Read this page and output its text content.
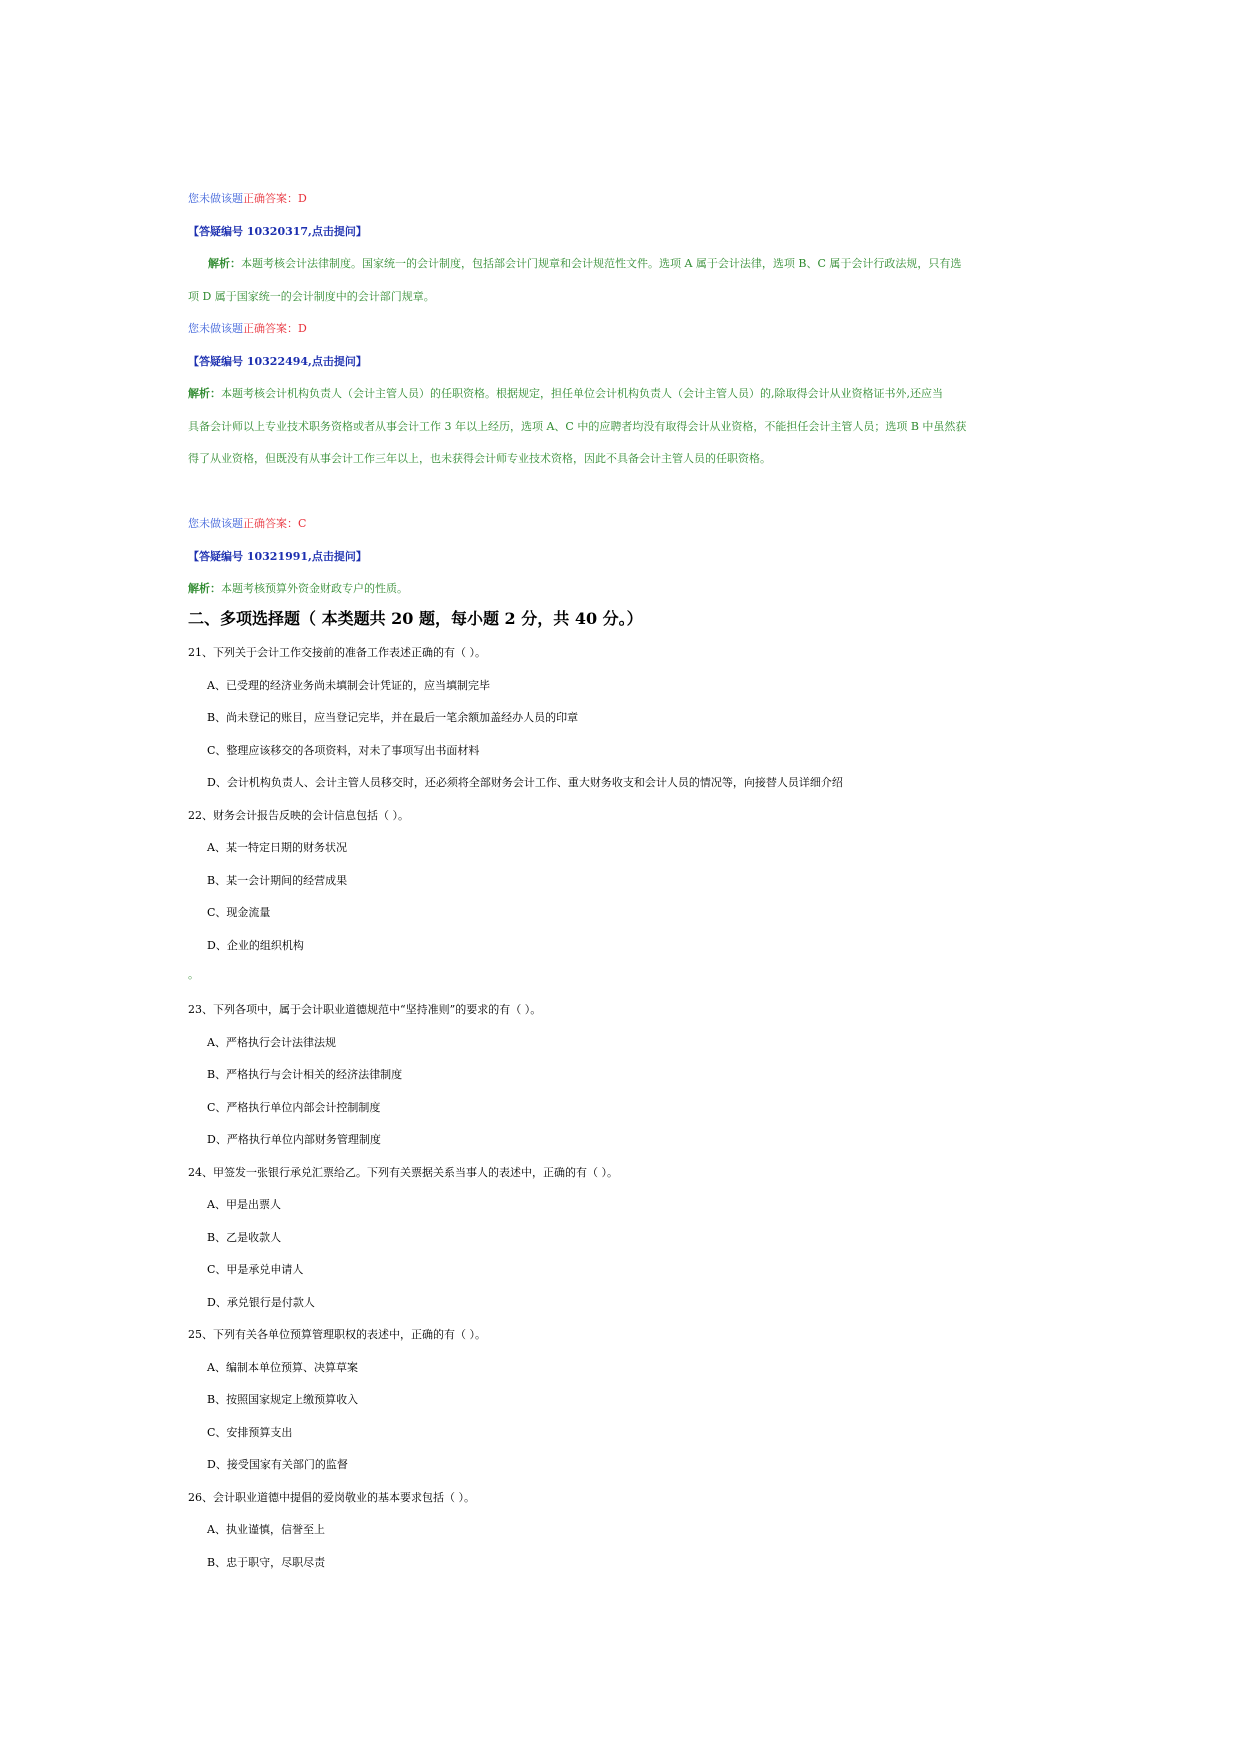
您未做该题正确答案：D
【答疑编号 10320317,点击提问】
解析：本题考核会计法律制度。国家统一的会计制度，包括部会计门规章和会计规范性文件。选项 A 属于会计法律，选项 B、C 属于会计行政法规，只有选
项 D 属于国家统一的会计制度中的会计部门规章。
您未做该题正确答案：D
【答疑编号 10322494,点击提问】
解析：本题考核会计机构负责人（会计主管人员）的任职资格。根据规定，担任单位会计机构负责人（会计主管人员）的,除取得会计从业资格证书外,还应当
具备会计师以上专业技术职务资格或者从事会计工作 3 年以上经历，选项 A、C 中的应聘者均没有取得会计从业资格，不能担任会计主管人员；选项 B 中虽然获
得了从业资格，但既没有从事会计工作三年以上，也未获得会计师专业技术资格，因此不具备会计主管人员的任职资格。
您未做该题正确答案：C
【答疑编号 10321991,点击提问】
解析：本题考核预算外资金财政专户的性质。
二、多项选择题（ 本类题共 20 题，每小题 2 分，共 40 分。）
21、下列关于会计工作交接前的准备工作表述正确的有（ ）。
A、已受理的经济业务尚未填制会计凭证的，应当填制完毕
B、尚未登记的账目，应当登记完毕，并在最后一笔余额加盖经办人员的印章
C、整理应该移交的各项资料，对未了事项写出书面材料
D、会计机构负责人、会计主管人员移交时，还必须将全部财务会计工作、重大财务收支和会计人员的情况等，向接替人员详细介绍
22、财务会计报告反映的会计信息包括（ ）。
A、某一特定日期的财务状况
B、某一会计期间的经营成果
C、现金流量
D、企业的组织机构
。
23、下列各项中，属于会计职业道德规范中“坚持准则”的要求的有（ ）。
A、严格执行会计法律法规
B、严格执行与会计相关的经济法律制度
C、严格执行单位内部会计控制制度
D、严格执行单位内部财务管理制度
24、甲签发一张银行承兑汇票给乙。下列有关票据关系当事人的表述中，正确的有（ ）。
A、甲是出票人
B、乙是收款人
C、甲是承兑申请人
D、承兑银行是付款人
25、下列有关各单位预算管理职权的表述中，正确的有（ ）。
A、编制本单位预算、决算草案
B、按照国家规定上缴预算收入
C、安排预算支出
D、接受国家有关部门的监督
26、会计职业道德中提倡的爱岗敬业的基本要求包括（ ）。
A、执业谨慎，信誉至上
B、忠于职守，尽职尽责
